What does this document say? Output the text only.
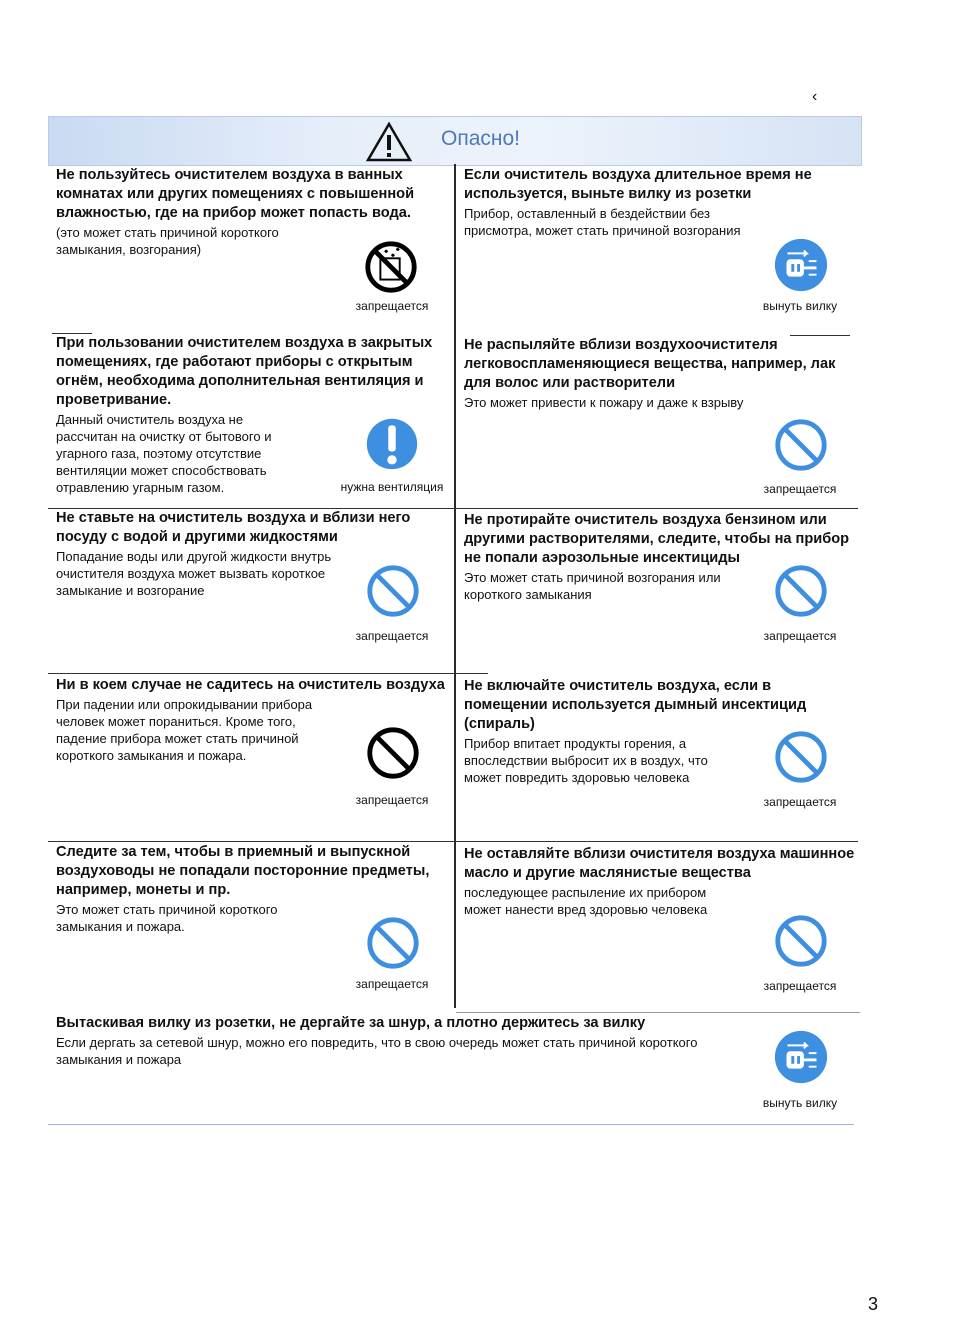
‹
Опасно!

Не пользуйтесь очистителем воздуха в ванных комнатах или других помещениях с повышенной влажностью, где на прибор может попасть вода.

(это может стать причиной короткого замыкания, возгорания)

запрещается

Если очиститель воздуха длительное время не используется, выньте вилку из розетки

Прибор, оставленный в бездействии без присмотра, может стать причиной возгорания

вынуть вилку

При пользовании очистителем воздуха в закрытых помещениях, где работают приборы с открытым огнём, необходима дополнительная вентиляция и проветривание.

Данный очиститель воздуха не рассчитан на очистку от бытового и угарного газа, поэтому отсутствие вентиляции может способствовать отравлению угарным газом.	нужна вентиляция

Не распыляйте вблизи воздухоочистителя легковоспламеняющиеся вещества, например, лак для волос или растворители

Это может привести к пожару и даже к взрыву

запрещается

Не ставьте на очиститель воздуха и вблизи него посуду с водой и другими жидкостями

Попадание воды или другой жидкости внутрь очистителя воздуха может вызвать короткое замыкание и возгорание

запрещается

Не протирайте очиститель воздуха бензином или другими растворителями, следите, чтобы на прибор не попали аэрозольные инсектициды

Это может стать причиной возгорания или короткого замыкания

запрещается

Ни в коем случае не садитесь на очиститель воздуха

При падении или опрокидывании прибора человек может пораниться. Кроме того, падение прибора может стать причиной короткого замыкания и пожара.

запрещается

Не включайте очиститель воздуха, если в помещении используется дымный инсектицид (спираль)

Прибор впитает продукты горения, а впоследствии выбросит их в воздух, что может повредить здоровью человека

запрещается

Следите за тем, чтобы в приемный и выпускной воздуховоды не попадали посторонние предметы, например, монеты и пр.

Это может стать причиной короткого замыкания и пожара.

запрещается

Не оставляйте вблизи очистителя воздуха машинное масло и другие маслянистые вещества

последующее распыление их прибором может нанести вред здоровью человека

запрещается

Вытаскивая вилку из розетки, не дергайте за шнур, а плотно держитесь за вилку

Если дергать за сетевой шнур, можно его повредить, что в свою очередь может стать причиной короткого замыкания и пожара

вынуть вилку
3
